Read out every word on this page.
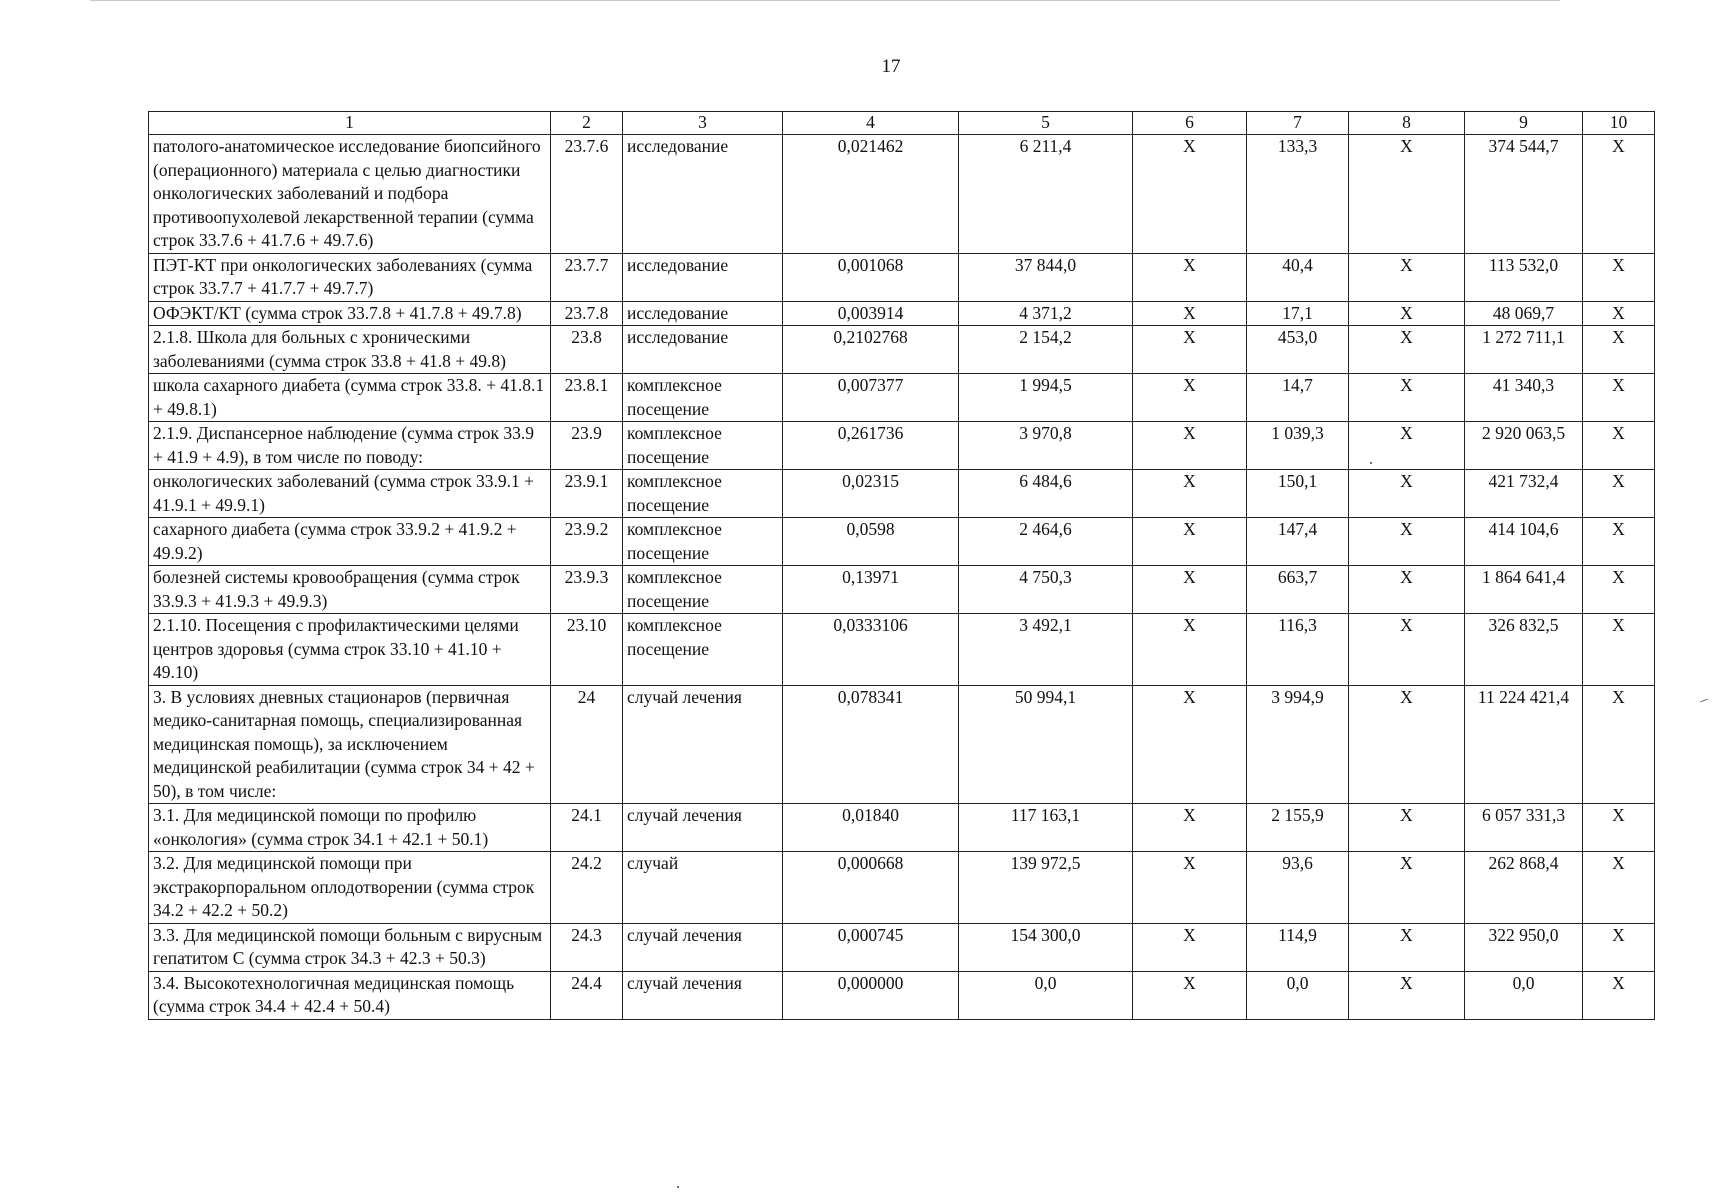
17
1	2	3	4	5	6	7	8	9	10
патолого-анатомическое исследование биопсийного (операционного) материала с целью диагностики онкологических заболеваний и подбора противоопухолевой лекарственной терапии (сумма строк 33.7.6 + 41.7.6 + 49.7.6)	23.7.6	исследование	0,021462	6 211,4	Х	133,3	Х	374 544,7	Х
ПЭТ-КТ при онкологических заболеваниях (сумма строк 33.7.7 + 41.7.7 + 49.7.7)	23.7.7	исследование	0,001068	37 844,0	Х	40,4	Х	113 532,0	Х
ОФЭКТ/КТ (сумма строк 33.7.8 + 41.7.8 + 49.7.8)	23.7.8	исследование	0,003914	4 371,2	Х	17,1	Х	48 069,7	Х
2.1.8. Школа для больных с хроническими заболеваниями (сумма строк 33.8 + 41.8 + 49.8)	23.8	исследование	0,2102768	2 154,2	Х	453,0	Х	1 272 711,1	Х
школа сахарного диабета (сумма строк 33.8. + 41.8.1 + 49.8.1)	23.8.1	комплексное посещение	0,007377	1 994,5	Х	14,7	Х	41 340,3	Х
2.1.9. Диспансерное наблюдение (сумма строк 33.9 + 41.9 + 4.9), в том числе по поводу:	23.9	комплексное посещение	0,261736	3 970,8	Х	1 039,3	Х	2 920 063,5	Х
онкологических заболеваний (сумма строк 33.9.1 + 41.9.1 + 49.9.1)	23.9.1	комплексное посещение	0,02315	6 484,6	Х	150,1	Х	421 732,4	Х
сахарного диабета (сумма строк 33.9.2 + 41.9.2 + 49.9.2)	23.9.2	комплексное посещение	0,0598	2 464,6	Х	147,4	Х	414 104,6	Х
болезней системы кровообращения (сумма строк 33.9.3 + 41.9.3 + 49.9.3)	23.9.3	комплексное посещение	0,13971	4 750,3	Х	663,7	Х	1 864 641,4	Х
2.1.10. Посещения с профилактическими целями центров здоровья (сумма строк 33.10 + 41.10 + 49.10)	23.10	комплексное посещение	0,0333106	3 492,1	Х	116,3	Х	326 832,5	Х
3. В условиях дневных стационаров (первичная медико-санитарная помощь, специализированная медицинская помощь), за исключением медицинской реабилитации (сумма строк 34 + 42 + 50), в том числе:	24	случай лечения	0,078341	50 994,1	Х	3 994,9	Х	11 224 421,4	Х
3.1. Для медицинской помощи по профилю «онкология» (сумма строк 34.1 + 42.1 + 50.1)	24.1	случай лечения	0,01840	117 163,1	Х	2 155,9	Х	6 057 331,3	Х
3.2. Для медицинской помощи при экстракорпоральном оплодотворении (сумма строк 34.2 + 42.2 + 50.2)	24.2	случай	0,000668	139 972,5	Х	93,6	Х	262 868,4	Х
3.3. Для медицинской помощи больным с вирусным гепатитом С (сумма строк 34.3 + 42.3 + 50.3)	24.3	случай лечения	0,000745	154 300,0	Х	114,9	Х	322 950,0	Х
3.4. Высокотехнологичная медицинская помощь (сумма строк 34.4 + 42.4 + 50.4)	24.4	случай лечения	0,000000	0,0	Х	0,0	Х	0,0	Х
